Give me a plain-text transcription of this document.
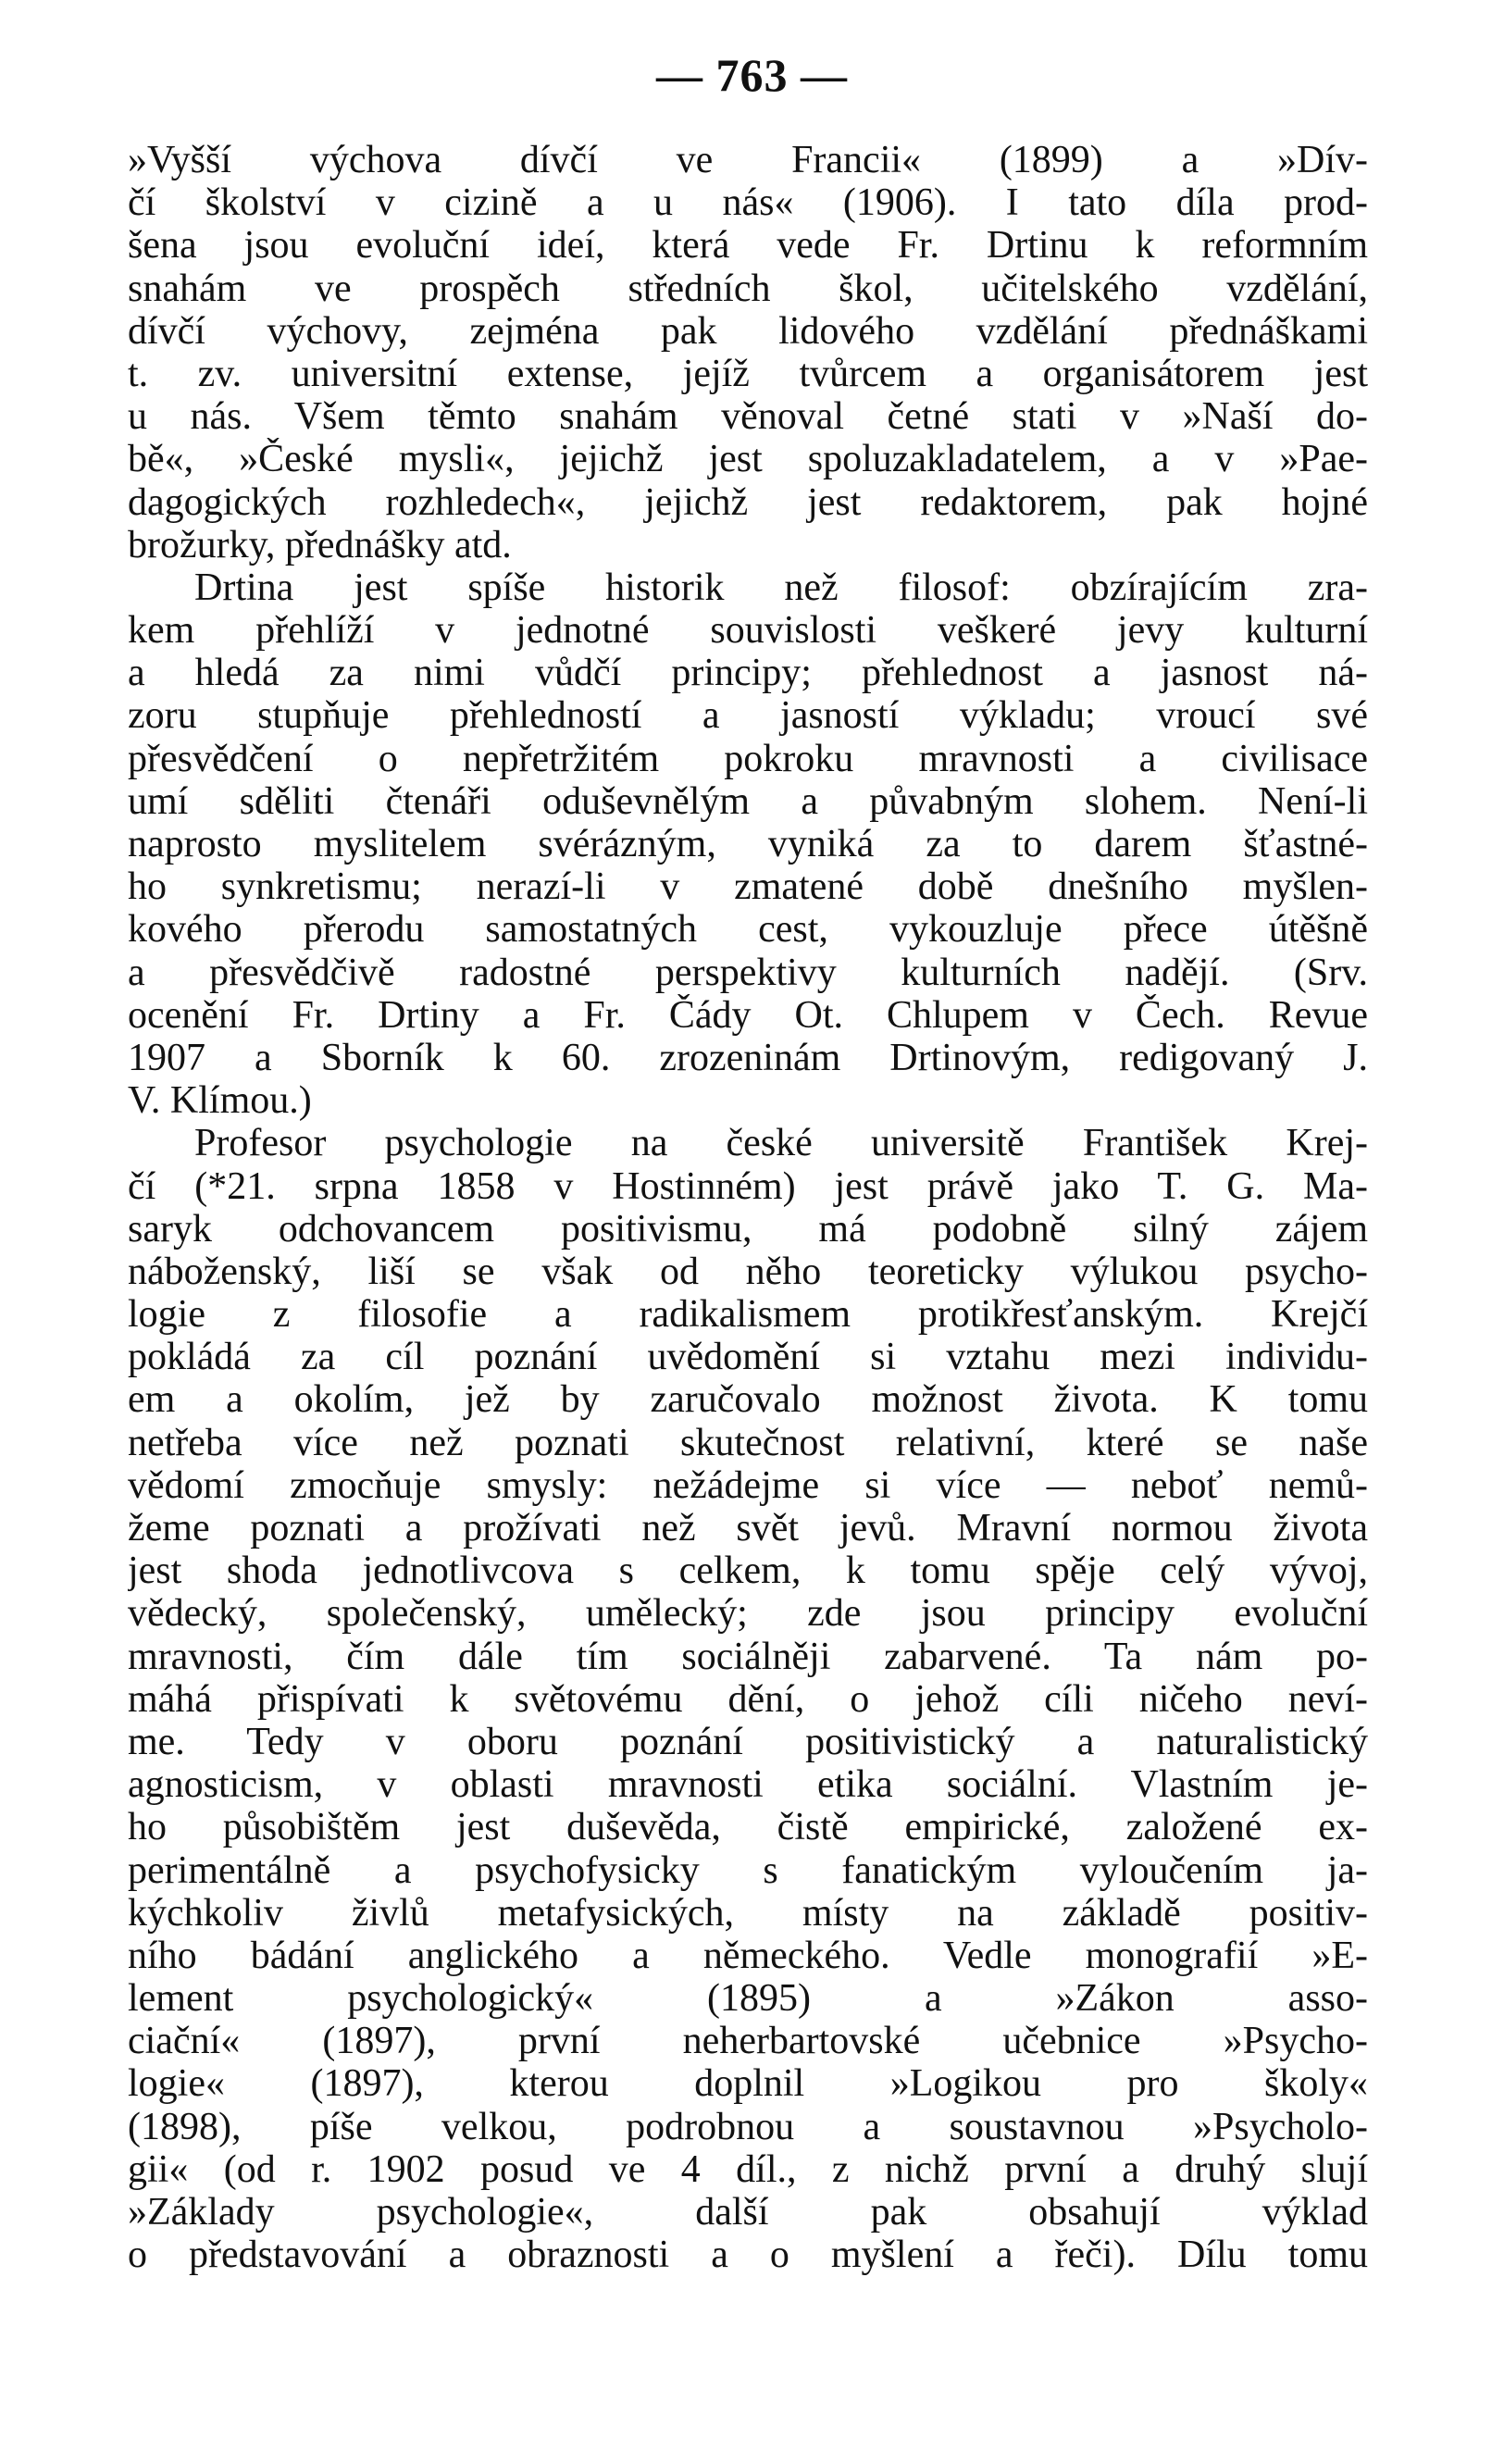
— 763 —
»Vyšší výchova dívčí ve Francii« (1899) a »Dív-
čí školství v cizině a u nás« (1906). I tato díla prod-
šena jsou evoluční ideí, která vede Fr. Drtinu k reformním
snahám ve prospěch středních škol, učitelského vzdělání,
dívčí výchovy, zejména pak lidového vzdělání přednáškami
t. zv. universitní extense, jejíž tvůrcem a organisátorem jest
u nás. Všem těmto snahám věnoval četné stati v »Naší do-
bě«, »České mysli«, jejichž jest spoluzakladatelem, a v »Pae-
dagogických rozhledech«, jejichž jest redaktorem, pak hojné
brožurky, přednášky atd.
Drtina jest spíše historik než filosof: obzírajícím zra-
kem přehlíží v jednotné souvislosti veškeré jevy kulturní
a hledá za nimi vůdčí principy; přehlednost a jasnost ná-
zoru stupňuje přehledností a jasností výkladu; vroucí své
přesvědčení o nepřetržitém pokroku mravnosti a civilisace
umí sděliti čtenáři oduševnělým a půvabným slohem. Není-li
naprosto myslitelem svérázným, vyniká za to darem šťastné-
ho synkretismu; nerazí-li v zmatené době dnešního myšlen-
kového přerodu samostatných cest, vykouzluje přece útěšně
a přesvědčivě radostné perspektivy kulturních nadějí. (Srv.
ocenění Fr. Drtiny a Fr. Čády Ot. Chlupem v Čech. Revue
1907 a Sborník k 60. zrozeninám Drtinovým, redigovaný J.
V. Klímou.)
Profesor psychologie na české universitě František Krej-
čí (*21. srpna 1858 v Hostinném) jest právě jako T. G. Ma-
saryk odchovancem positivismu, má podobně silný zájem
náboženský, liší se však od něho teoreticky výlukou psycho-
logie z filosofie a radikalismem protikřesťanským. Krejčí
pokládá za cíl poznání uvědomění si vztahu mezi individu-
em a okolím, jež by zaručovalo možnost života. K tomu
netřeba více než poznati skutečnost relativní, které se naše
vědomí zmocňuje smysly: nežádejme si více — neboť nemů-
žeme poznati a prožívati než svět jevů. Mravní normou života
jest shoda jednotlivcova s celkem, k tomu spěje celý vývoj,
vědecký, společenský, umělecký; zde jsou principy evoluční
mravnosti, čím dále tím sociálněji zabarvené. Ta nám po-
máhá přispívati k světovému dění, o jehož cíli ničeho neví-
me. Tedy v oboru poznání positivistický a naturalistický
agnosticism, v oblasti mravnosti etika sociální. Vlastním je-
ho působištěm jest duševěda, čistě empirické, založené ex-
perimentálně a psychofysicky s fanatickým vyloučením ja-
kýchkoliv živlů metafysických, místy na základě positiv-
ního bádání anglického a německého. Vedle monografií »E-
lement psychologický« (1895) a »Zákon asso-
ciační« (1897), první neherbartovské učebnice »Psycho-
logie« (1897), kterou doplnil »Logikou pro školy«
(1898), píše velkou, podrobnou a soustavnou »Psycholo-
gii« (od r. 1902 posud ve 4 díl., z nichž první a druhý slují
»Základy psychologie«, další pak obsahují výklad
o představování a obraznosti a o myšlení a řeči). Dílu tomu
